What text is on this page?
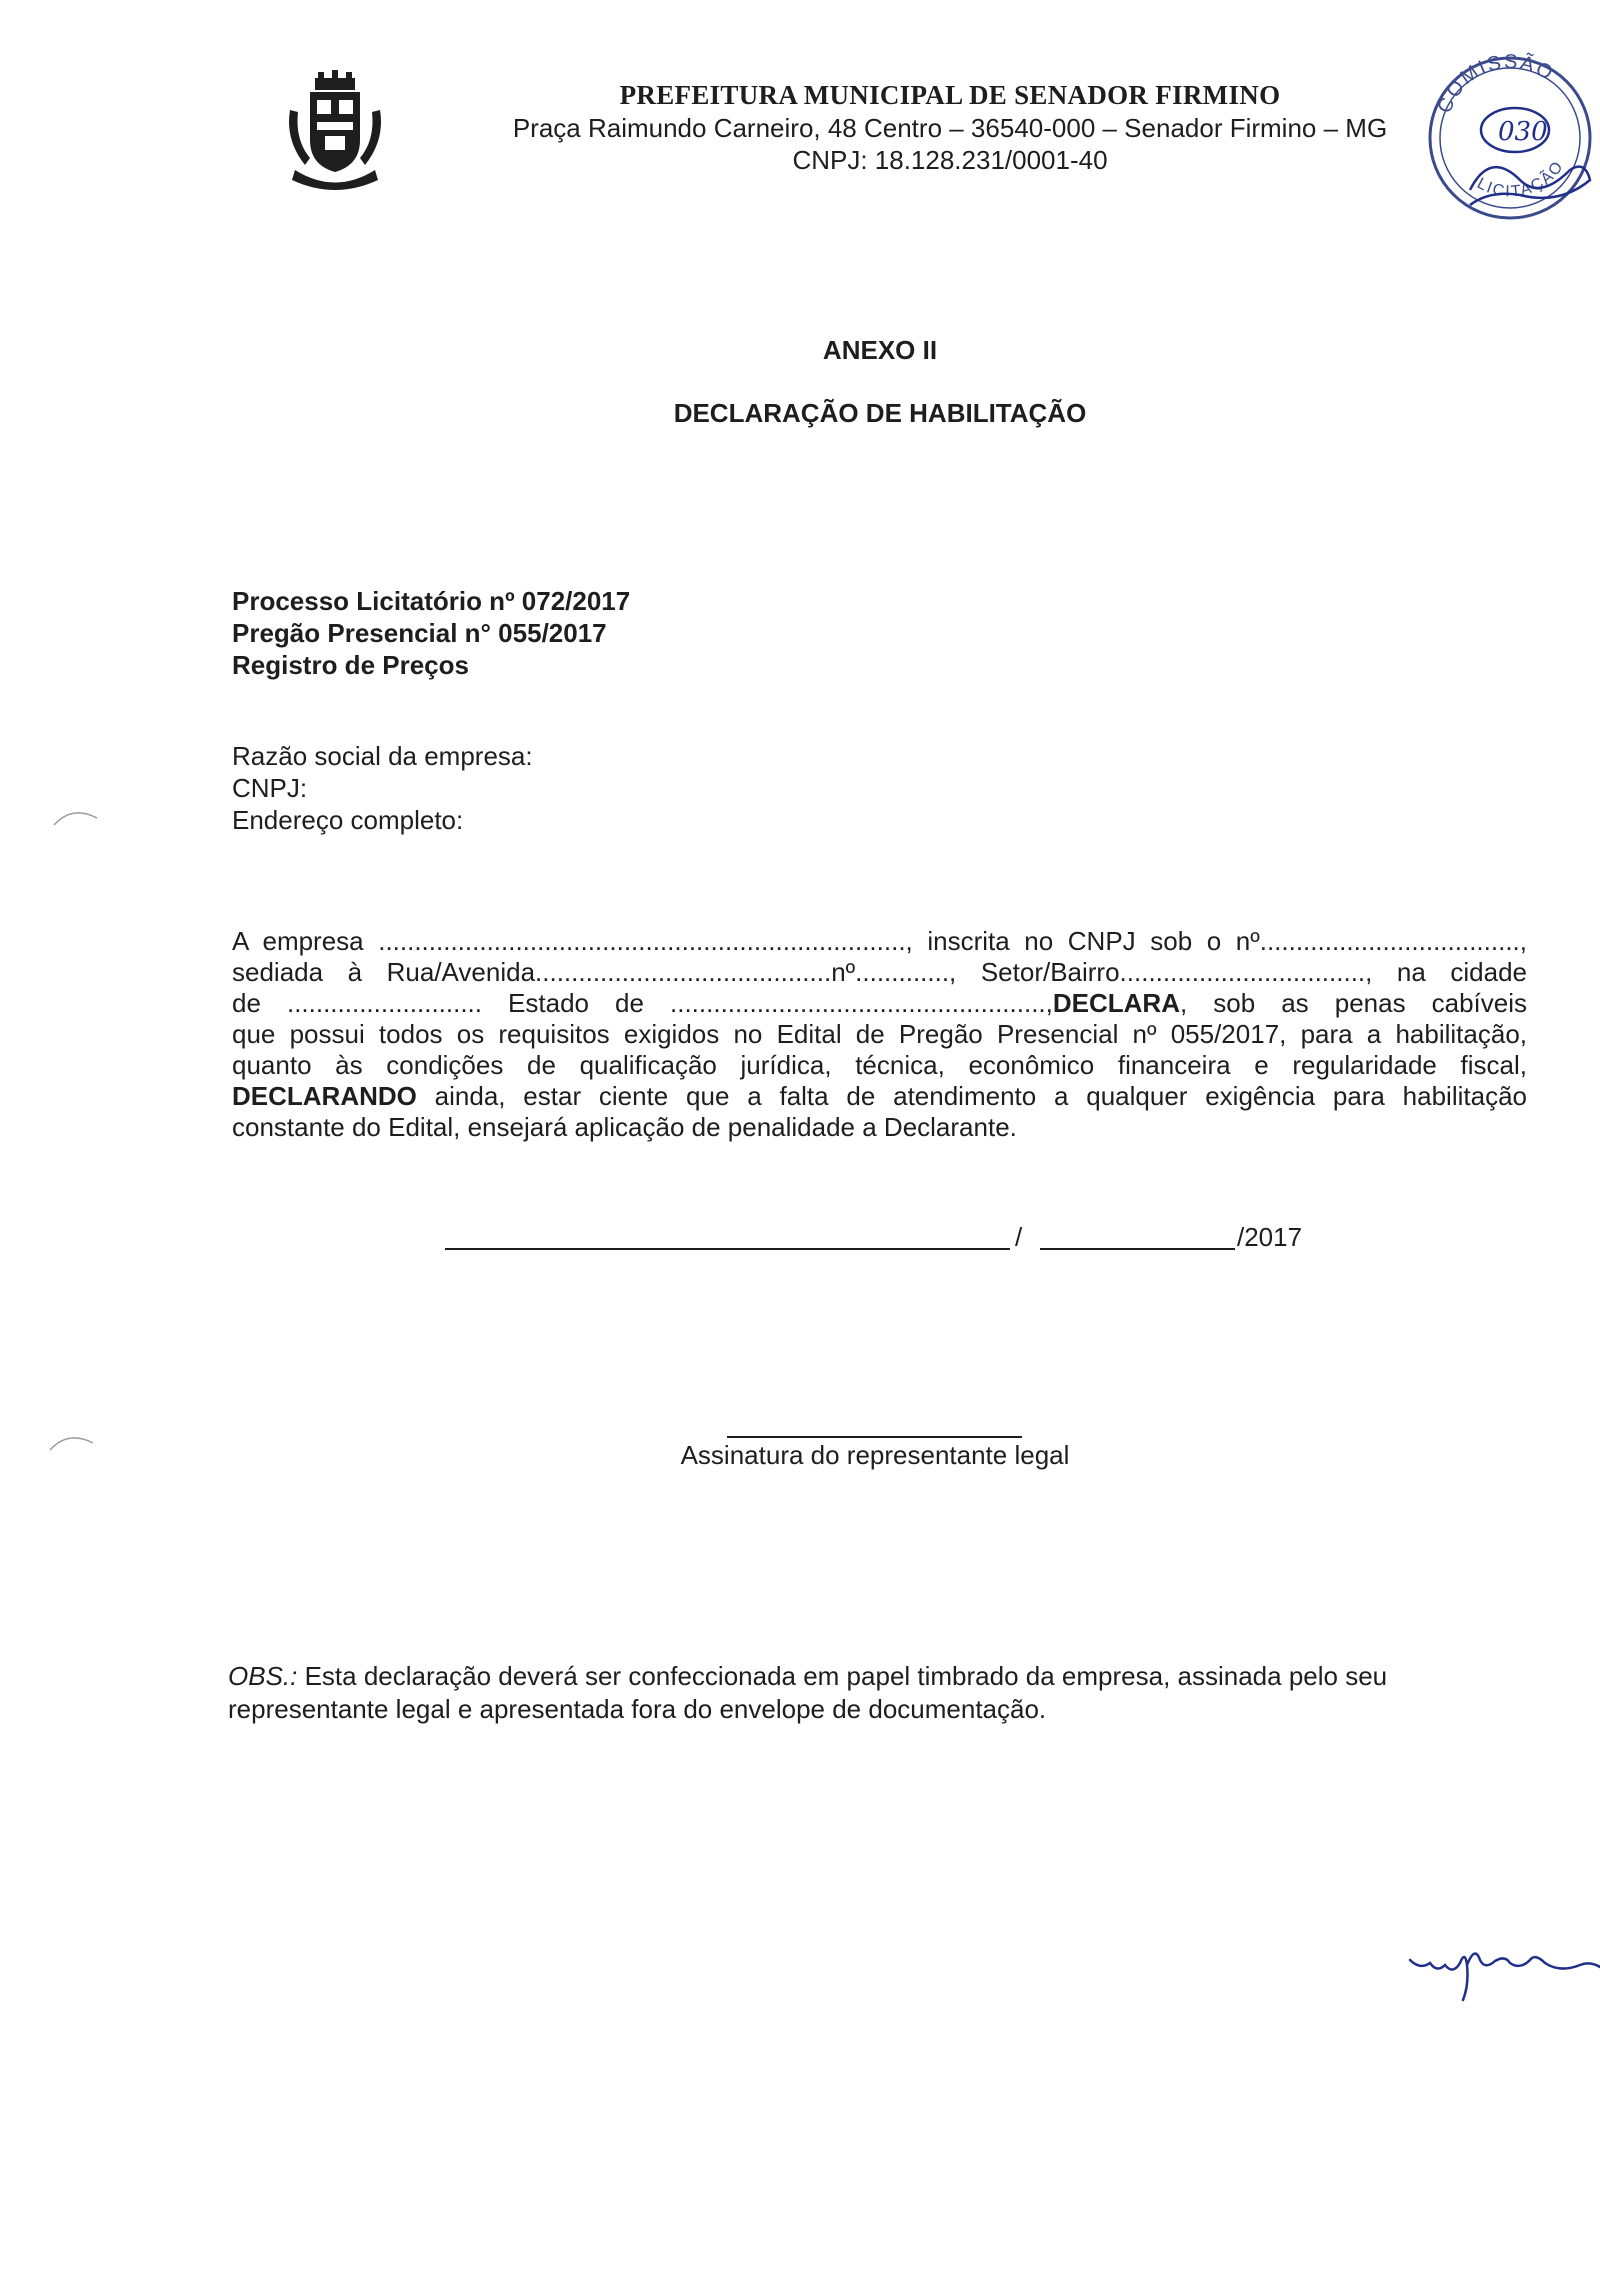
PREFEITURA MUNICIPAL DE SENADOR FIRMINO
Praça Raimundo Carneiro, 48 Centro – 36540-000 – Senador Firmino – MG
CNPJ: 18.128.231/0001-40
COMISSÃO
LICITAÇÃO
030
ANEXO II
DECLARAÇÃO DE HABILITAÇÃO
Processo Licitatório nº 072/2017
Pregão Presencial n° 055/2017
Registro de Preços
Razão social da empresa:
CNPJ:
Endereço completo:
A empresa ........................................................................., inscrita no CNPJ sob o nº....................................,
sediada à Rua/Avenida.........................................nº............., Setor/Bairro.................................., na cidade
de ........................... Estado de ....................................................,DECLARA, sob as penas cabíveis
que possui todos os requisitos exigidos no Edital de Pregão Presencial nº 055/2017, para a habilitação,
quanto às condições de qualificação jurídica, técnica, econômico financeira e regularidade fiscal,
DECLARANDO ainda, estar ciente que a falta de atendimento a qualquer exigência para habilitação
constante do Edital, ensejará aplicação de penalidade a Declarante.
/	/2017
Assinatura do representante legal
OBS.: Esta declaração deverá ser confeccionada em papel timbrado da empresa, assinada pelo seu representante legal e apresentada fora do envelope de documentação.
